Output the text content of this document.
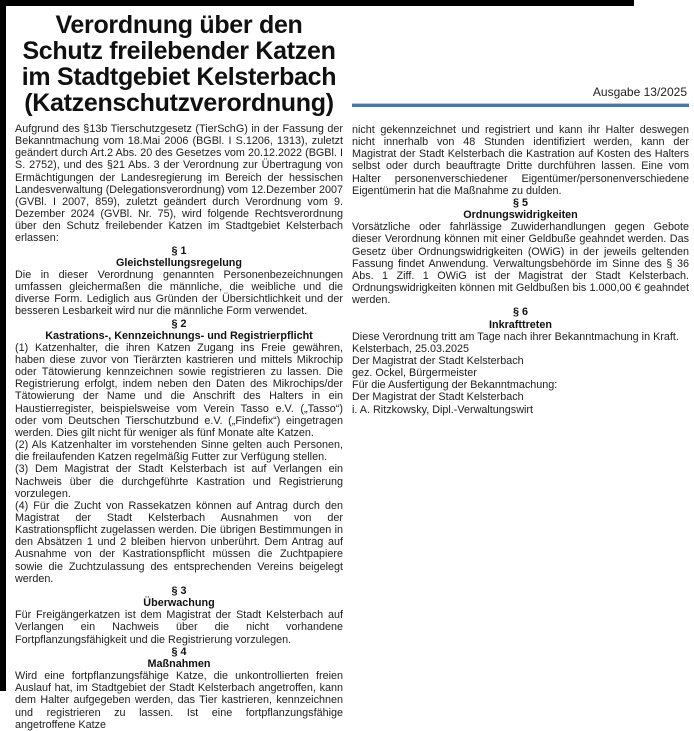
Verordnung über den
Schutz freilebender Katzen
im Stadtgebiet Kelsterbach
(Katzenschutzverordnung)

Aufgrund des §13b Tierschutzgesetz (TierSchG) in der Fassung der Bekanntmachung vom 18.Mai 2006 (BGBl. I S.1206, 1313), zuletzt geändert durch Art.2 Abs. 20 des Gesetzes vom 20.12.2022 (BGBl. I S. 2752), und des §21 Abs. 3 der Verordnung zur Übertragung von Ermächtigungen der Landesregierung im Bereich der hessischen Landesverwaltung (Delegationsverordnung) vom 12.Dezember 2007 (GVBl. I 2007, 859), zuletzt geändert durch Verordnung vom 9. Dezember 2024 (GVBl. Nr. 75), wird folgende Rechtsverordnung über den Schutz freilebender Katzen im Stadtgebiet Kelsterbach erlassen:

§ 1
Gleichstellungsregelung

Die in dieser Verordnung genannten Personenbezeichnungen umfassen gleichermaßen die männliche, die weibliche und die diverse Form. Lediglich aus Gründen der Übersichtlichkeit und der besseren Lesbarkeit wird nur die männliche Form verwendet.

§ 2
Kastrations-, Kennzeichnungs- und Registrierpflicht

(1) Katzenhalter, die ihren Katzen Zugang ins Freie gewähren, haben diese zuvor von Tierärzten kastrieren und mittels Mikrochip oder Tätowierung kennzeichnen sowie registrieren zu lassen. Die Registrierung erfolgt, indem neben den Daten des Mikrochips/der Tätowierung der Name und die Anschrift des Halters in ein Haustierregister, beispielsweise vom Verein Tasso e.V. („Tasso“) oder vom Deutschen Tierschutzbund e.V. („Findefix“) eingetragen werden. Dies gilt nicht für weniger als fünf Monate alte Katzen.

(2) Als Katzenhalter im vorstehenden Sinne gelten auch Personen, die freilaufenden Katzen regelmäßig Futter zur Verfügung stellen.

(3) Dem Magistrat der Stadt Kelsterbach ist auf Verlangen ein Nachweis über die durchgeführte Kastration und Registrierung vorzulegen.

(4) Für die Zucht von Rassekatzen können auf Antrag durch den Magistrat der Stadt Kelsterbach Ausnahmen von der Kastrationspflicht zugelassen werden. Die übrigen Bestimmungen in den Absätzen 1 und 2 bleiben hiervon unberührt. Dem Antrag auf Ausnahme von der Kastrationspflicht müssen die Zuchtpapiere sowie die Zuchtzulassung des entsprechenden Vereins beigelegt werden.

§ 3
Überwachung

Für Freigängerkatzen ist dem Magistrat der Stadt Kelsterbach auf Verlangen ein Nachweis über die nicht vorhandene Fortpflanzungsfähigkeit und die Registrierung vorzulegen.

§ 4
Maßnahmen

Wird eine fortpflanzungsfähige Katze, die unkontrollierten freien Auslauf hat, im Stadtgebiet der Stadt Kelsterbach angetroffen, kann dem Halter aufgegeben werden, das Tier kastrieren, kennzeichnen und registrieren zu lassen. Ist eine fortpflanzungsfähige angetroffene Katze

Ausgabe 13/2025

nicht gekennzeichnet und registriert und kann ihr Halter deswegen nicht innerhalb von 48 Stunden identifiziert werden, kann der Magistrat der Stadt Kelsterbach die Kastration auf Kosten des Halters selbst oder durch beauftragte Dritte durchführen lassen. Eine vom Halter personenverschiedener Eigentümer/personenverschiedene Eigentümerin hat die Maßnahme zu dulden.

§ 5
Ordnungswidrigkeiten

Vorsätzliche oder fahrlässige Zuwiderhandlungen gegen Gebote dieser Verordnung können mit einer Geldbuße geahndet werden. Das Gesetz über Ordnungswidrigkeiten (OWiG) in der jeweils geltenden Fassung findet Anwendung. Verwaltungsbehörde im Sinne des § 36 Abs. 1 Ziff. 1 OWiG ist der Magistrat der Stadt Kelsterbach. Ordnungswidrigkeiten können mit Geldbußen bis 1.000,00 € geahndet werden.

§ 6
Inkrafttreten

Diese Verordnung tritt am Tage nach ihrer Bekanntmachung in Kraft.

Kelsterbach, 25.03.2025

Der Magistrat der Stadt Kelsterbach

gez. Ockel, Bürgermeister

Für die Ausfertigung der Bekanntmachung:

Der Magistrat der Stadt Kelsterbach

i. A. Ritzkowsky, Dipl.-Verwaltungswirt
